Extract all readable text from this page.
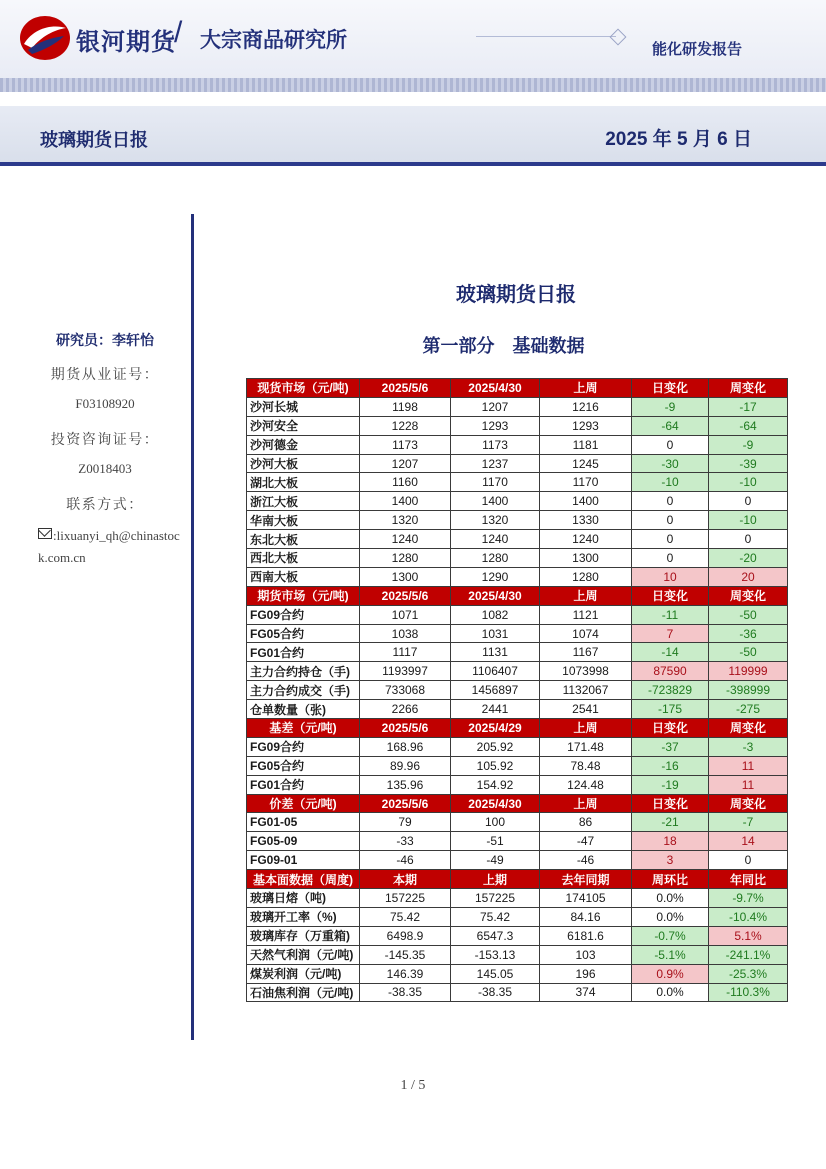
银河期货
/ 大宗商品研究所	能化研发报告
玻璃期货日报	2025 年 5 月 6 日
研究员：李轩怡
期货从业证号：
F03108920
投资咨询证号：
Z0018403
联系方式：
:lixuanyi_qh@chinastock.com.cn
玻璃期货日报
第一部分　基础数据
现货市场（元/吨)	2025/5/6	2025/4/30	上周	日变化	周变化
沙河长城	1198	1207	1216	-9	-17
沙河安全	1228	1293	1293	-64	-64
沙河德金	1173	1173	1181	0	-9
沙河大板	1207	1237	1245	-30	-39
湖北大板	1160	1170	1170	-10	-10
浙江大板	1400	1400	1400	0	0
华南大板	1320	1320	1330	0	-10
东北大板	1240	1240	1240	0	0
西北大板	1280	1280	1300	0	-20
西南大板	1300	1290	1280	10	20
期货市场（元/吨)	2025/5/6	2025/4/30	上周	日变化	周变化
FG09合约	1071	1082	1121	-11	-50
FG05合约	1038	1031	1074	7	-36
FG01合约	1117	1131	1167	-14	-50
主力合约持仓（手)	1193997	1106407	1073998	87590	119999
主力合约成交（手)	733068	1456897	1132067	-723829	-398999
仓单数量（张)	2266	2441	2541	-175	-275
基差（元/吨)	2025/5/6	2025/4/29	上周	日变化	周变化
FG09合约	168.96	205.92	171.48	-37	-3
FG05合约	89.96	105.92	78.48	-16	11
FG01合约	135.96	154.92	124.48	-19	11
价差（元/吨)	2025/5/6	2025/4/30	上周	日变化	周变化
FG01-05	79	100	86	-21	-7
FG05-09	-33	-51	-47	18	14
FG09-01	-46	-49	-46	3	0
基本面数据（周度)	本期	上期	去年同期	周环比	年同比
玻璃日熔（吨)	157225	157225	174105	0.0%	-9.7%
玻璃开工率（%)	75.42	75.42	84.16	0.0%	-10.4%
玻璃库存（万重箱)	6498.9	6547.3	6181.6	-0.7%	5.1%
天然气利润（元/吨)	-145.35	-153.13	103	-5.1%	-241.1%
煤炭利润（元/吨)	146.39	145.05	196	0.9%	-25.3%
石油焦利润（元/吨)	-38.35	-38.35	374	0.0%	-110.3%
1 / 5
